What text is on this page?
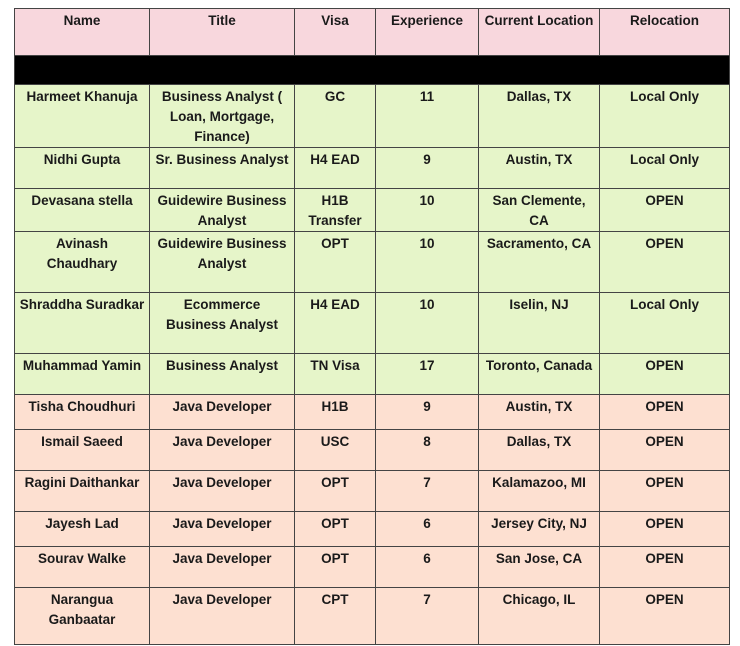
Name	Title	Visa	Experience	Current Location	Relocation

Harmeet Khanuja	Business Analyst ( Loan, Mortgage, Finance)	GC	11	Dallas, TX	Local Only
Nidhi Gupta	Sr. Business Analyst	H4 EAD	9	Austin, TX	Local Only
Devasana stella	Guidewire Business Analyst	H1B Transfer	10	San Clemente, CA	OPEN
Avinash Chaudhary	Guidewire Business Analyst	OPT	10	Sacramento, CA	OPEN
Shraddha Suradkar	Ecommerce Business Analyst	H4 EAD	10	Iselin, NJ	Local Only
Muhammad Yamin	Business Analyst	TN Visa	17	Toronto, Canada	OPEN
Tisha Choudhuri	Java Developer	H1B	9	Austin, TX	OPEN
Ismail Saeed	Java Developer	USC	8	Dallas, TX	OPEN
Ragini Daithankar	Java Developer	OPT	7	Kalamazoo, MI	OPEN
Jayesh Lad	Java Developer	OPT	6	Jersey City, NJ	OPEN
Sourav Walke	Java Developer	OPT	6	San Jose, CA	OPEN
Narangua Ganbaatar	Java Developer	CPT	7	Chicago, IL	OPEN
